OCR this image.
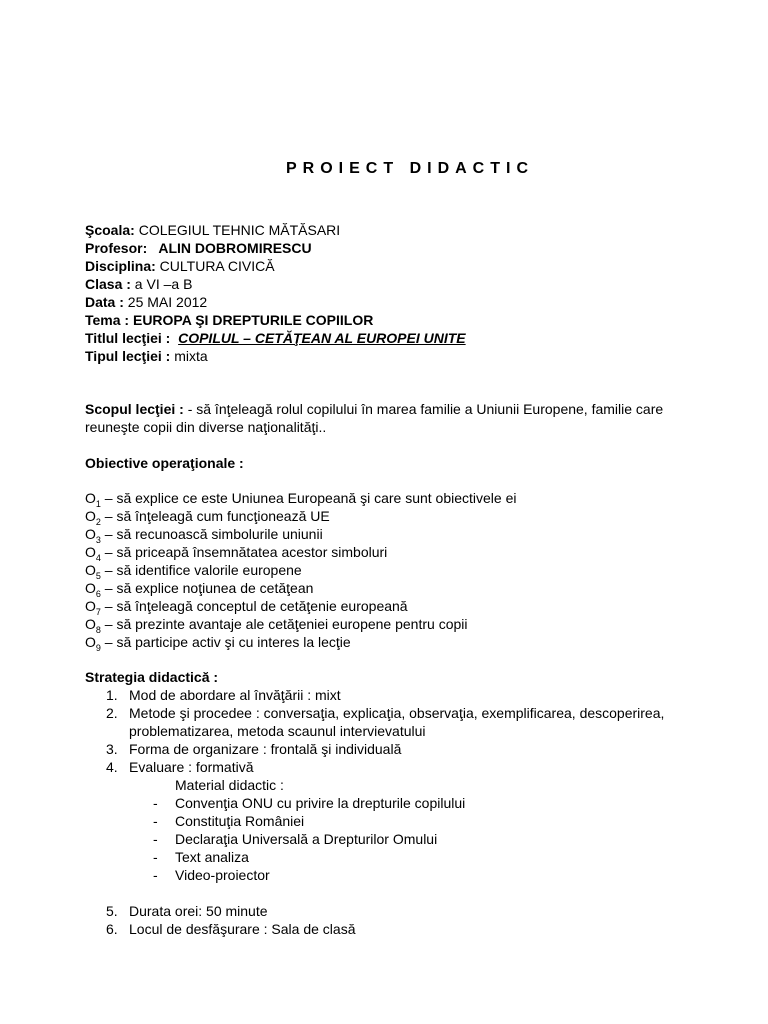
PROIECT DIDACTIC
Şcoala: COLEGIUL TEHNIC MĂTĂSARI
Profesor:   ALIN DOBROMIRESCU
Disciplina: CULTURA CIVICĂ
Clasa : a VI –a B
Data : 25 MAI 2012
Tema : EUROPA ŞI DREPTURILE COPIILOR
Titlul lecţiei : COPILUL – CETĂŢEAN AL EUROPEI UNITE
Tipul lecţiei : mixta
Scopul lecţiei : - să înţeleagă rolul copilului în marea familie a Uniunii Europene, familie care reuneşte copii din diverse naţionalităţi..
Obiective operaţionale :
$O_1$ – să explice ce este Uniunea Europeană şi care sunt obiectivele ei
$O_2$ – să înţeleagă cum funcţionează UE
$O_3$ – să recunoască simbolurile uniunii
$O_4$ – să priceapă însemnătatea acestor simboluri
$O_5$ – să identifice valorile europene
$O_6$ – să explice noţiunea de cetăţean
$O_7$ – să înţeleagă conceptul de cetăţenie europeană
$O_8$ – să prezinte avantaje ale cetăţeniei europene pentru copii
$O_9$ – să participe activ şi cu interes la lecţie
Strategia didactică :
1. Mod de abordare al învăţării : mixt
2. Metode şi procedee : conversaţia, explicaţia, observaţia, exemplificarea, descoperirea, problematizarea, metoda scaunul intervievatului
3. Forma de organizare : frontală şi individuală
4. Evaluare : formativă
Material didactic :
- Convenţia ONU cu privire la drepturile copilului
- Constituţia României
- Declaraţia Universală a Drepturilor Omului
- Text analiza
- Video-proiector
5. Durata orei: 50 minute
6. Locul de desfăşurare : Sala de clasă
